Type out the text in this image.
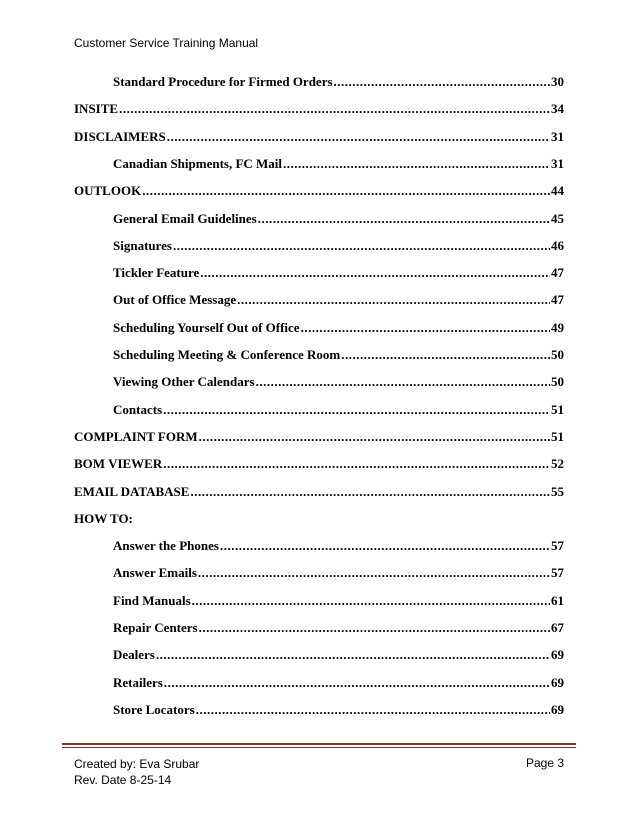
Customer Service Training Manual
Standard Procedure for Firmed Orders .....	30
INSITE .....	34
DISCLAIMERS .....	31
Canadian Shipments, FC Mail .....	31
OUTLOOK .....	44
General Email Guidelines .....	45
Signatures .....	46
Tickler Feature .....	47
Out of Office Message .....	47
Scheduling Yourself Out of Office .....	49
Scheduling Meeting & Conference Room .....	50
Viewing Other Calendars .....	50
Contacts .....	51
COMPLAINT FORM .....	51
BOM VIEWER .....	52
EMAIL DATABASE .....	55
HOW TO:
Answer the Phones .....	57
Answer Emails .....	57
Find Manuals .....	61
Repair Centers .....	67
Dealers .....	69
Retailers .....	69
Store Locators .....	69
Created by: Eva Srubar
Rev. Date 8-25-14
Page 3
